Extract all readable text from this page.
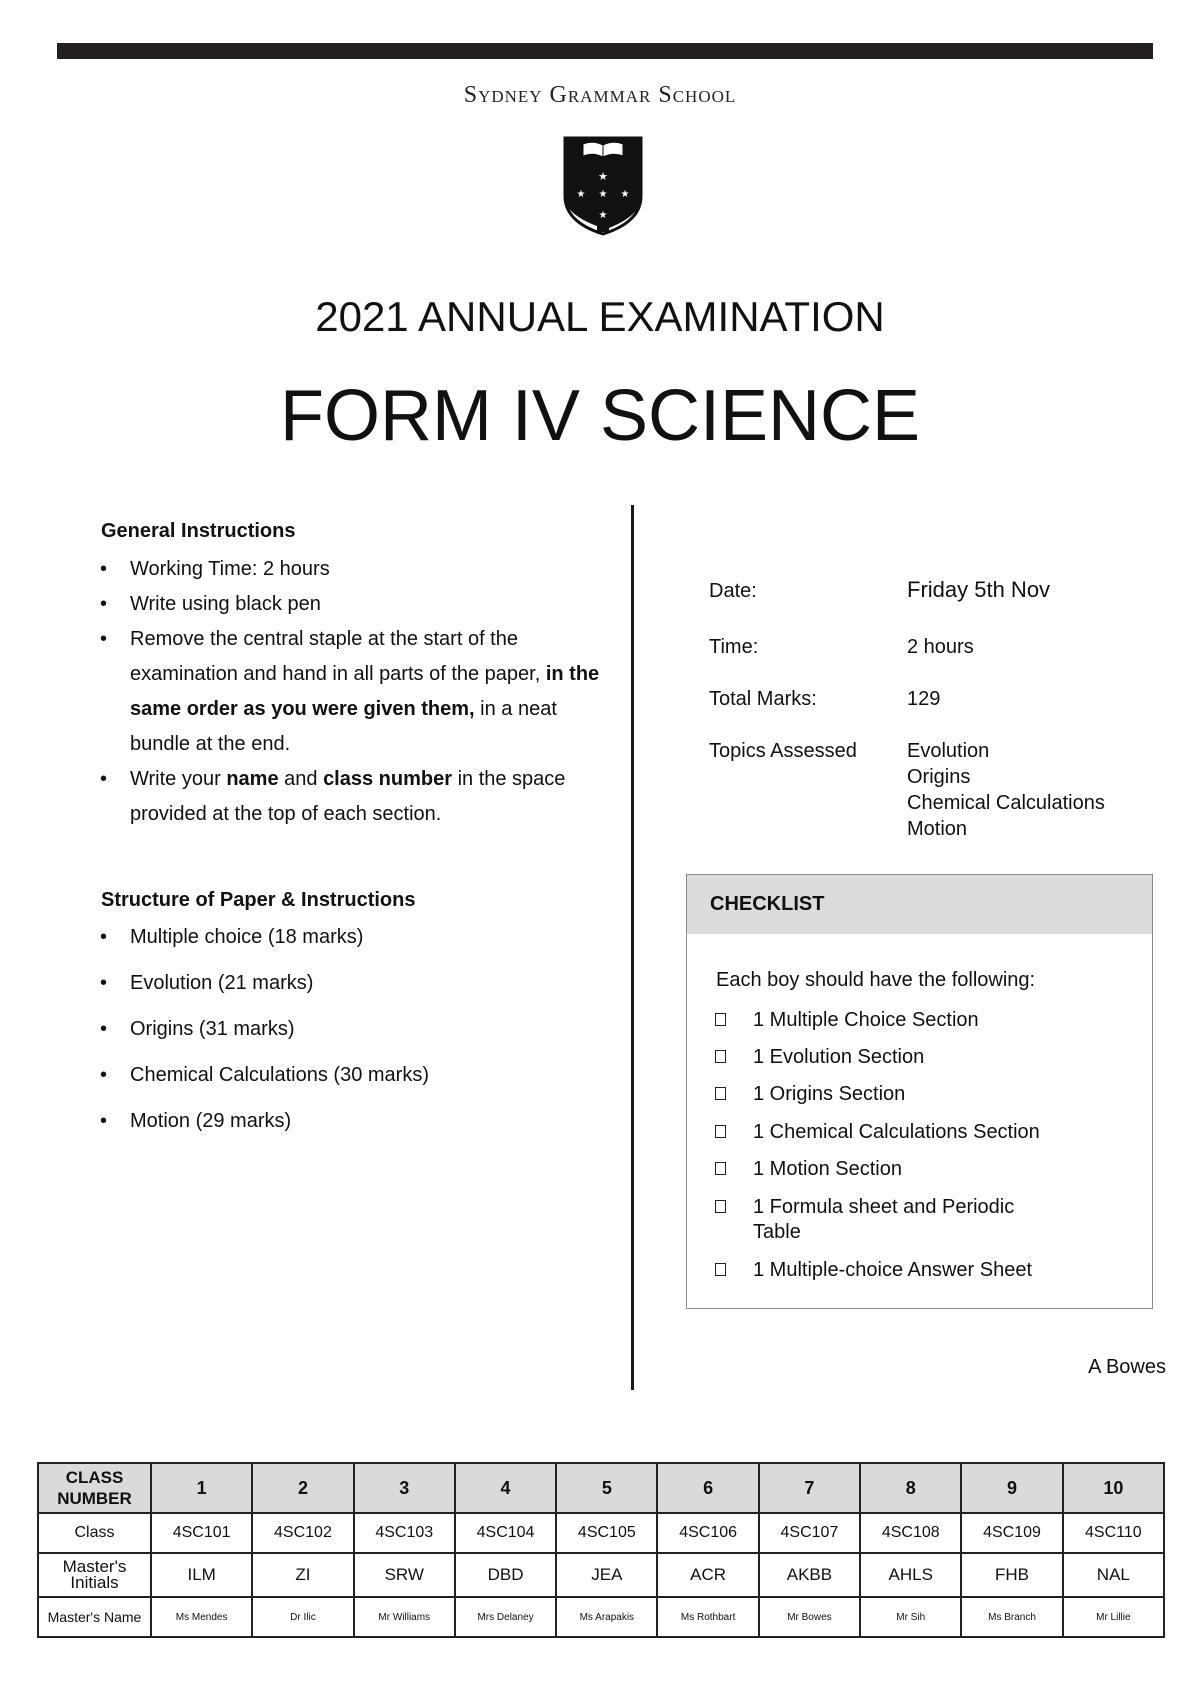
Sydney Grammar School
★
★ ★ ★
★
2021 ANNUAL EXAMINATION
FORM IV SCIENCE
General Instructions
• Working Time: 2 hours
• Write using black pen
• Remove the central staple at the start of the examination and hand in all parts of the paper, in the same order as you were given them, in a neat bundle at the end.
• Write your name and class number in the space provided at the top of each section.
Structure of Paper & Instructions
• Multiple choice (18 marks)
• Evolution (21 marks)
• Origins (31 marks)
• Chemical Calculations (30 marks)
• Motion (29 marks)
Date:	Friday 5th Nov
Time:	2 hours
Total Marks:	129
Topics Assessed	Evolution
Origins
Chemical Calculations
Motion
CHECKLIST
Each boy should have the following:
1 Multiple Choice Section
1 Evolution Section
1 Origins Section
1 Chemical Calculations Section
1 Motion Section
1 Formula sheet and Periodic Table
1 Multiple-choice Answer Sheet
A Bowes
CLASS NUMBER	1	2	3	4	5	6	7	8	9	10
Class	4SC101	4SC102	4SC103	4SC104	4SC105	4SC106	4SC107	4SC108	4SC109	4SC110
Master's Initials	ILM	ZI	SRW	DBD	JEA	ACR	AKBB	AHLS	FHB	NAL
Master's Name	Ms Mendes	Dr Ilic	Mr Williams	Mrs Delaney	Ms Arapakis	Ms Rothbart	Mr Bowes	Mr Sih	Ms Branch	Mr Lillie
